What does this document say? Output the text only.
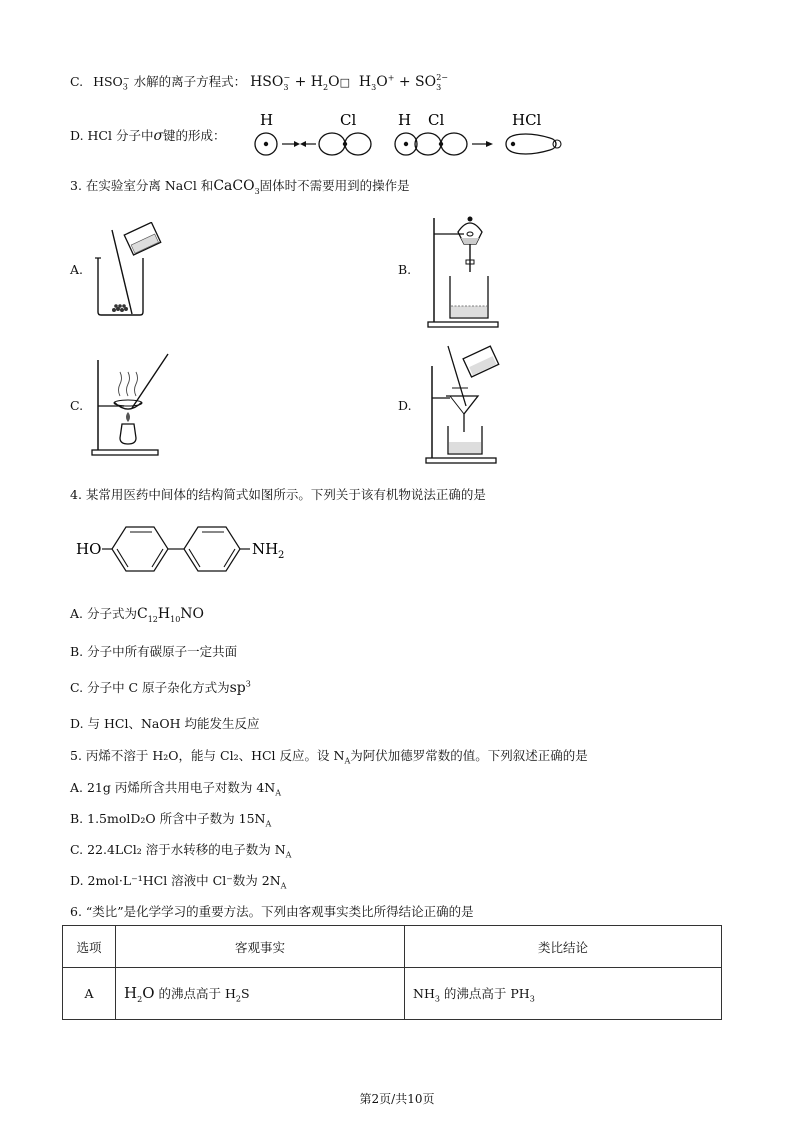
C. $HSO_3^-$ 水解的离子方程式： $HSO_3^-$ + $H_2O□$ $H_3O^+ + SO_3^{2-}$
D. HCl 分子中σ键的形成：
H	Cl	H Cl	HCl
3. 在实验室分离 NaCl 和CaCO$_3$固体时不需要用到的操作是
A.	B.
C.	D.
4. 某常用医药中间体的结构简式如图所示。下列关于该有机物说法正确的是
HO	NH 2
A. 分子式为$C_{12}H_{10}NO$
B. 分子中所有碳原子一定共面
C. 分子中 C 原子杂化方式为$sp^3$
D. 与 HCl、NaOH 均能发生反应
5. 丙烯不溶于 H₂O，能与 Cl₂、HCl 反应。设 $N_A$为阿伏加德罗常数的值。下列叙述正确的是
A. 21g 丙烯所含共用电子对数为 $4N_A$
B. 1.5molD₂O 所含中子数为 $15N_A$
C. 22.4LCl₂ 溶于水转移的电子数为 $N_A$
D. 2mol·L⁻¹HCl 溶液中 Cl⁻数为 $2N_A$
6. “类比”是化学学习的重要方法。下列由客观事实类比所得结论正确的是
选项	客观事实	类比结论
A	$H_2O$ 的沸点高于 $H_2S$	$NH_3$ 的沸点高于 $PH_3$
第2页/共10页
